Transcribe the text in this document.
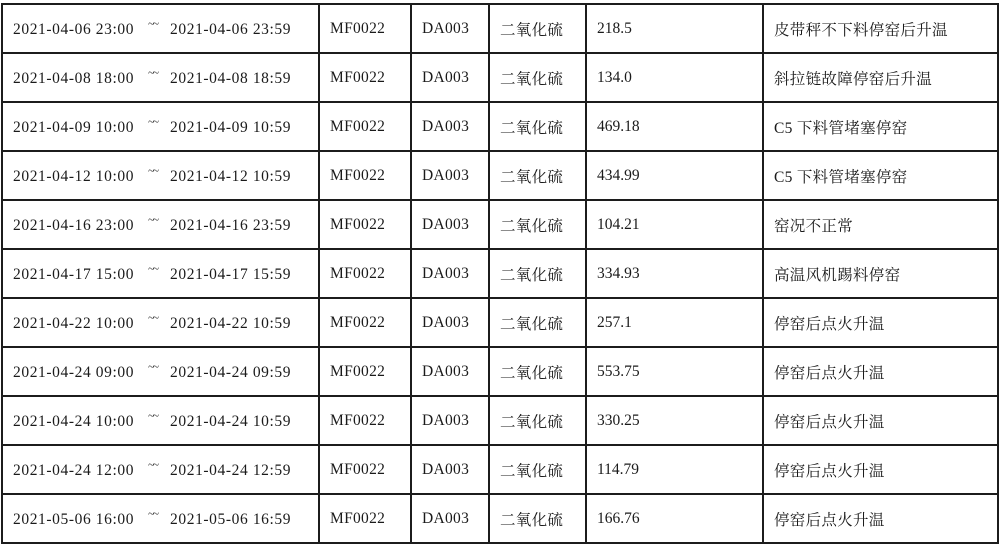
2021-04-06 23:00 ~~ 2021-04-06 23:59	MF0022	DA003	二氧化硫	218.5	皮带秤不下料停窑后升温
2021-04-08 18:00 ~~ 2021-04-08 18:59	MF0022	DA003	二氧化硫	134.0	斜拉链故障停窑后升温
2021-04-09 10:00 ~~ 2021-04-09 10:59	MF0022	DA003	二氧化硫	469.18	C5 下料管堵塞停窑
2021-04-12 10:00 ~~ 2021-04-12 10:59	MF0022	DA003	二氧化硫	434.99	C5 下料管堵塞停窑
2021-04-16 23:00 ~~ 2021-04-16 23:59	MF0022	DA003	二氧化硫	104.21	窑况不正常
2021-04-17 15:00 ~~ 2021-04-17 15:59	MF0022	DA003	二氧化硫	334.93	高温风机踢料停窑
2021-04-22 10:00 ~~ 2021-04-22 10:59	MF0022	DA003	二氧化硫	257.1	停窑后点火升温
2021-04-24 09:00 ~~ 2021-04-24 09:59	MF0022	DA003	二氧化硫	553.75	停窑后点火升温
2021-04-24 10:00 ~~ 2021-04-24 10:59	MF0022	DA003	二氧化硫	330.25	停窑后点火升温
2021-04-24 12:00 ~~ 2021-04-24 12:59	MF0022	DA003	二氧化硫	114.79	停窑后点火升温
2021-05-06 16:00 ~~ 2021-05-06 16:59	MF0022	DA003	二氧化硫	166.76	停窑后点火升温
